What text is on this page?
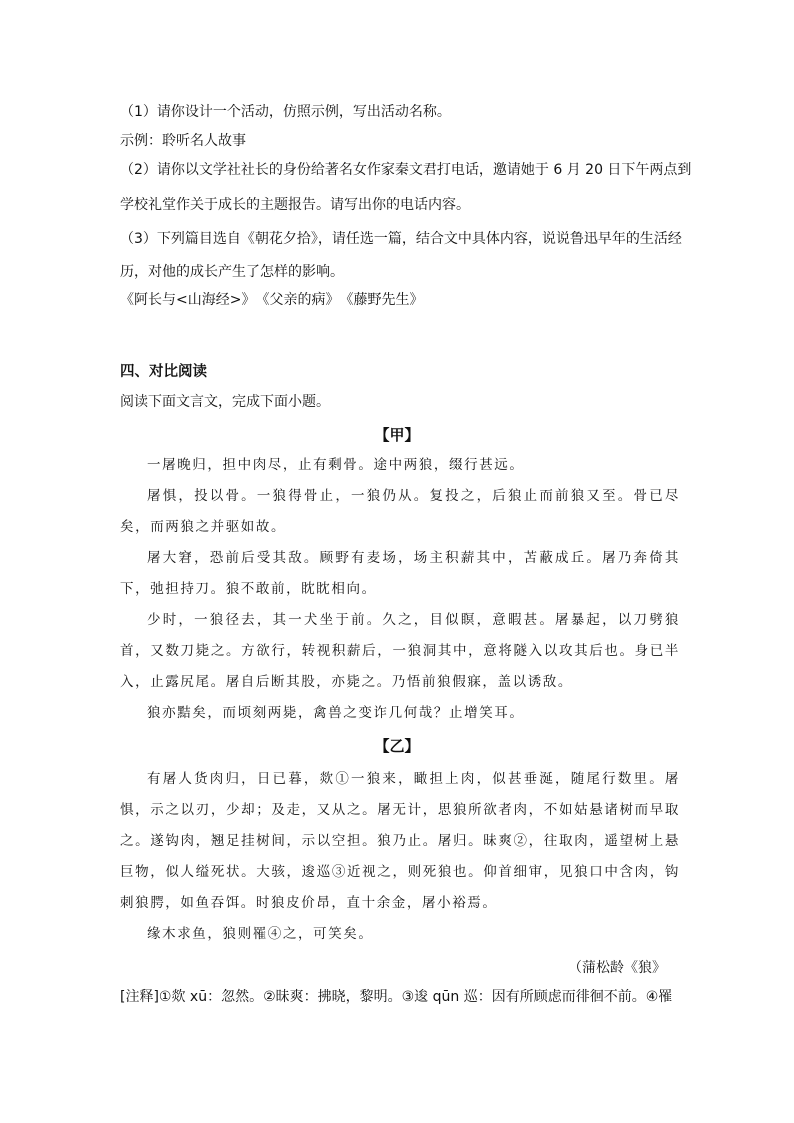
（1）请你设计一个活动，仿照示例，写出活动名称。
示例：聆听名人故事
（2）请你以文学社社长的身份给著名女作家秦文君打电话，邀请她于 6 月 20 日下午两点到
学校礼堂作关于成长的主题报告。请写出你的电话内容。
（3）下列篇目选自《朝花夕拾》，请任选一篇，结合文中具体内容，说说鲁迅早年的生活经
历，对他的成长产生了怎样的影响。
《阿长与<山海经>》　《父亲的病》　《藤野先生》
四、对比阅读
阅读下面文言文，完成下面小题。
【甲】

一屠晚归，担中肉尽，止有剩骨。途中两狼，缀行甚远。

屠惧，投以骨。一狼得骨止，一狼仍从。复投之，后狼止而前狼又至。骨已尽矣，而两狼之并驱如故。

屠大窘，恐前后受其敌。顾野有麦场，场主积薪其中，苫蔽成丘。屠乃奔倚其下，弛担持刀。狼不敢前，眈眈相向。

少时，一狼径去，其一犬坐于前。久之，目似瞑，意暇甚。屠暴起，以刀劈狼首，又数刀毙之。方欲行，转视积薪后，一狼洞其中，意将隧入以攻其后也。身已半入，止露尻尾。屠自后断其股，亦毙之。乃悟前狼假寐，盖以诱敌。

狼亦黠矣，而顷刻两毙，禽兽之变诈几何哉？止增笑耳。

【乙】

有屠人货肉归，日已暮，欻①一狼来，瞰担上肉，似甚垂涎，随尾行数里。屠惧，示之以刃，少却；及走，又从之。屠无计，思狼所欲者肉，不如姑悬诸树而早取之。遂钩肉，翘足挂树间，示以空担。狼乃止。屠归。昧爽②，往取肉，遥望树上悬巨物，似人缢死状。大骇，逡巡③近视之，则死狼也。仰首细审，见狼口中含肉，钩刺狼腭，如鱼吞饵。时狼皮价昂，直十余金，屠小裕焉。

缘木求鱼，狼则罹④之，可笑矣。

（蒲松龄《狼》
[注释]①欻 xū：忽然。②昧爽：拂晓，黎明。③逡 qūn 巡：因有所顾虑而徘徊不前。④罹
